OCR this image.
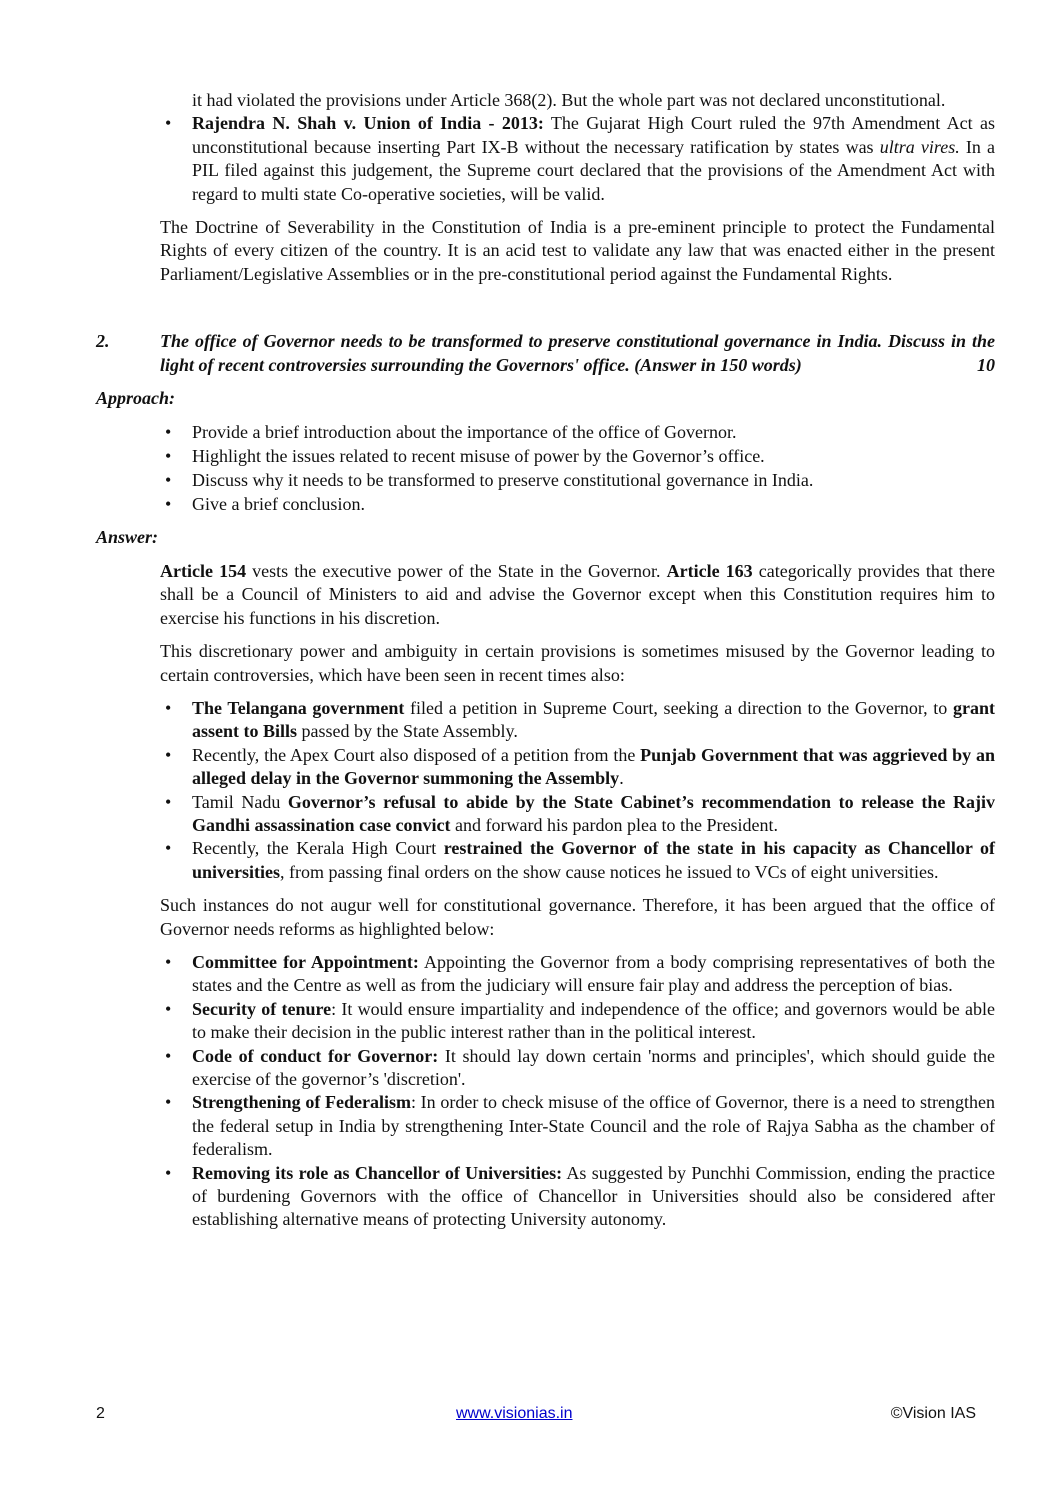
it had violated the provisions under Article 368(2). But the whole part was not declared unconstitutional.

• Rajendra N. Shah v. Union of India - 2013: The Gujarat High Court ruled the 97th Amendment Act as unconstitutional because inserting Part IX-B without the necessary ratification by states was ultra vires. In a PIL filed against this judgement, the Supreme court declared that the provisions of the Amendment Act with regard to multi state Co-operative societies, will be valid.

The Doctrine of Severability in the Constitution of India is a pre-eminent principle to protect the Fundamental Rights of every citizen of the country. It is an acid test to validate any law that was enacted either in the present Parliament/Legislative Assemblies or in the pre-constitutional period against the Fundamental Rights.

2.	The office of Governor needs to be transformed to preserve constitutional governance in India. Discuss in the light of recent controversies surrounding the Governors' office. (Answer in 150 words)	10
Approach:
• Provide a brief introduction about the importance of the office of Governor.
• Highlight the issues related to recent misuse of power by the Governor’s office.
• Discuss why it needs to be transformed to preserve constitutional governance in India.
• Give a brief conclusion.
Answer:

Article 154 vests the executive power of the State in the Governor. Article 163 categorically provides that there shall be a Council of Ministers to aid and advise the Governor except when this Constitution requires him to exercise his functions in his discretion.

This discretionary power and ambiguity in certain provisions is sometimes misused by the Governor leading to certain controversies, which have been seen in recent times also:

• The Telangana government filed a petition in Supreme Court, seeking a direction to the Governor, to grant assent to Bills passed by the State Assembly.
• Recently, the Apex Court also disposed of a petition from the Punjab Government that was aggrieved by an alleged delay in the Governor summoning the Assembly.
• Tamil Nadu Governor’s refusal to abide by the State Cabinet’s recommendation to release the Rajiv Gandhi assassination case convict and forward his pardon plea to the President.
• Recently, the Kerala High Court restrained the Governor of the state in his capacity as Chancellor of universities, from passing final orders on the show cause notices he issued to VCs of eight universities.

Such instances do not augur well for constitutional governance. Therefore, it has been argued that the office of Governor needs reforms as highlighted below:

• Committee for Appointment: Appointing the Governor from a body comprising representatives of both the states and the Centre as well as from the judiciary will ensure fair play and address the perception of bias.
• Security of tenure: It would ensure impartiality and independence of the office; and governors would be able to make their decision in the public interest rather than in the political interest.
• Code of conduct for Governor: It should lay down certain 'norms and principles', which should guide the exercise of the governor’s 'discretion'.
• Strengthening of Federalism: In order to check misuse of the office of Governor, there is a need to strengthen the federal setup in India by strengthening Inter-State Council and the role of Rajya Sabha as the chamber of federalism.
• Removing its role as Chancellor of Universities: As suggested by Punchhi Commission, ending the practice of burdening Governors with the office of Chancellor in Universities should also be considered after establishing alternative means of protecting University autonomy.
2	www.visionias.in	©Vision IAS
